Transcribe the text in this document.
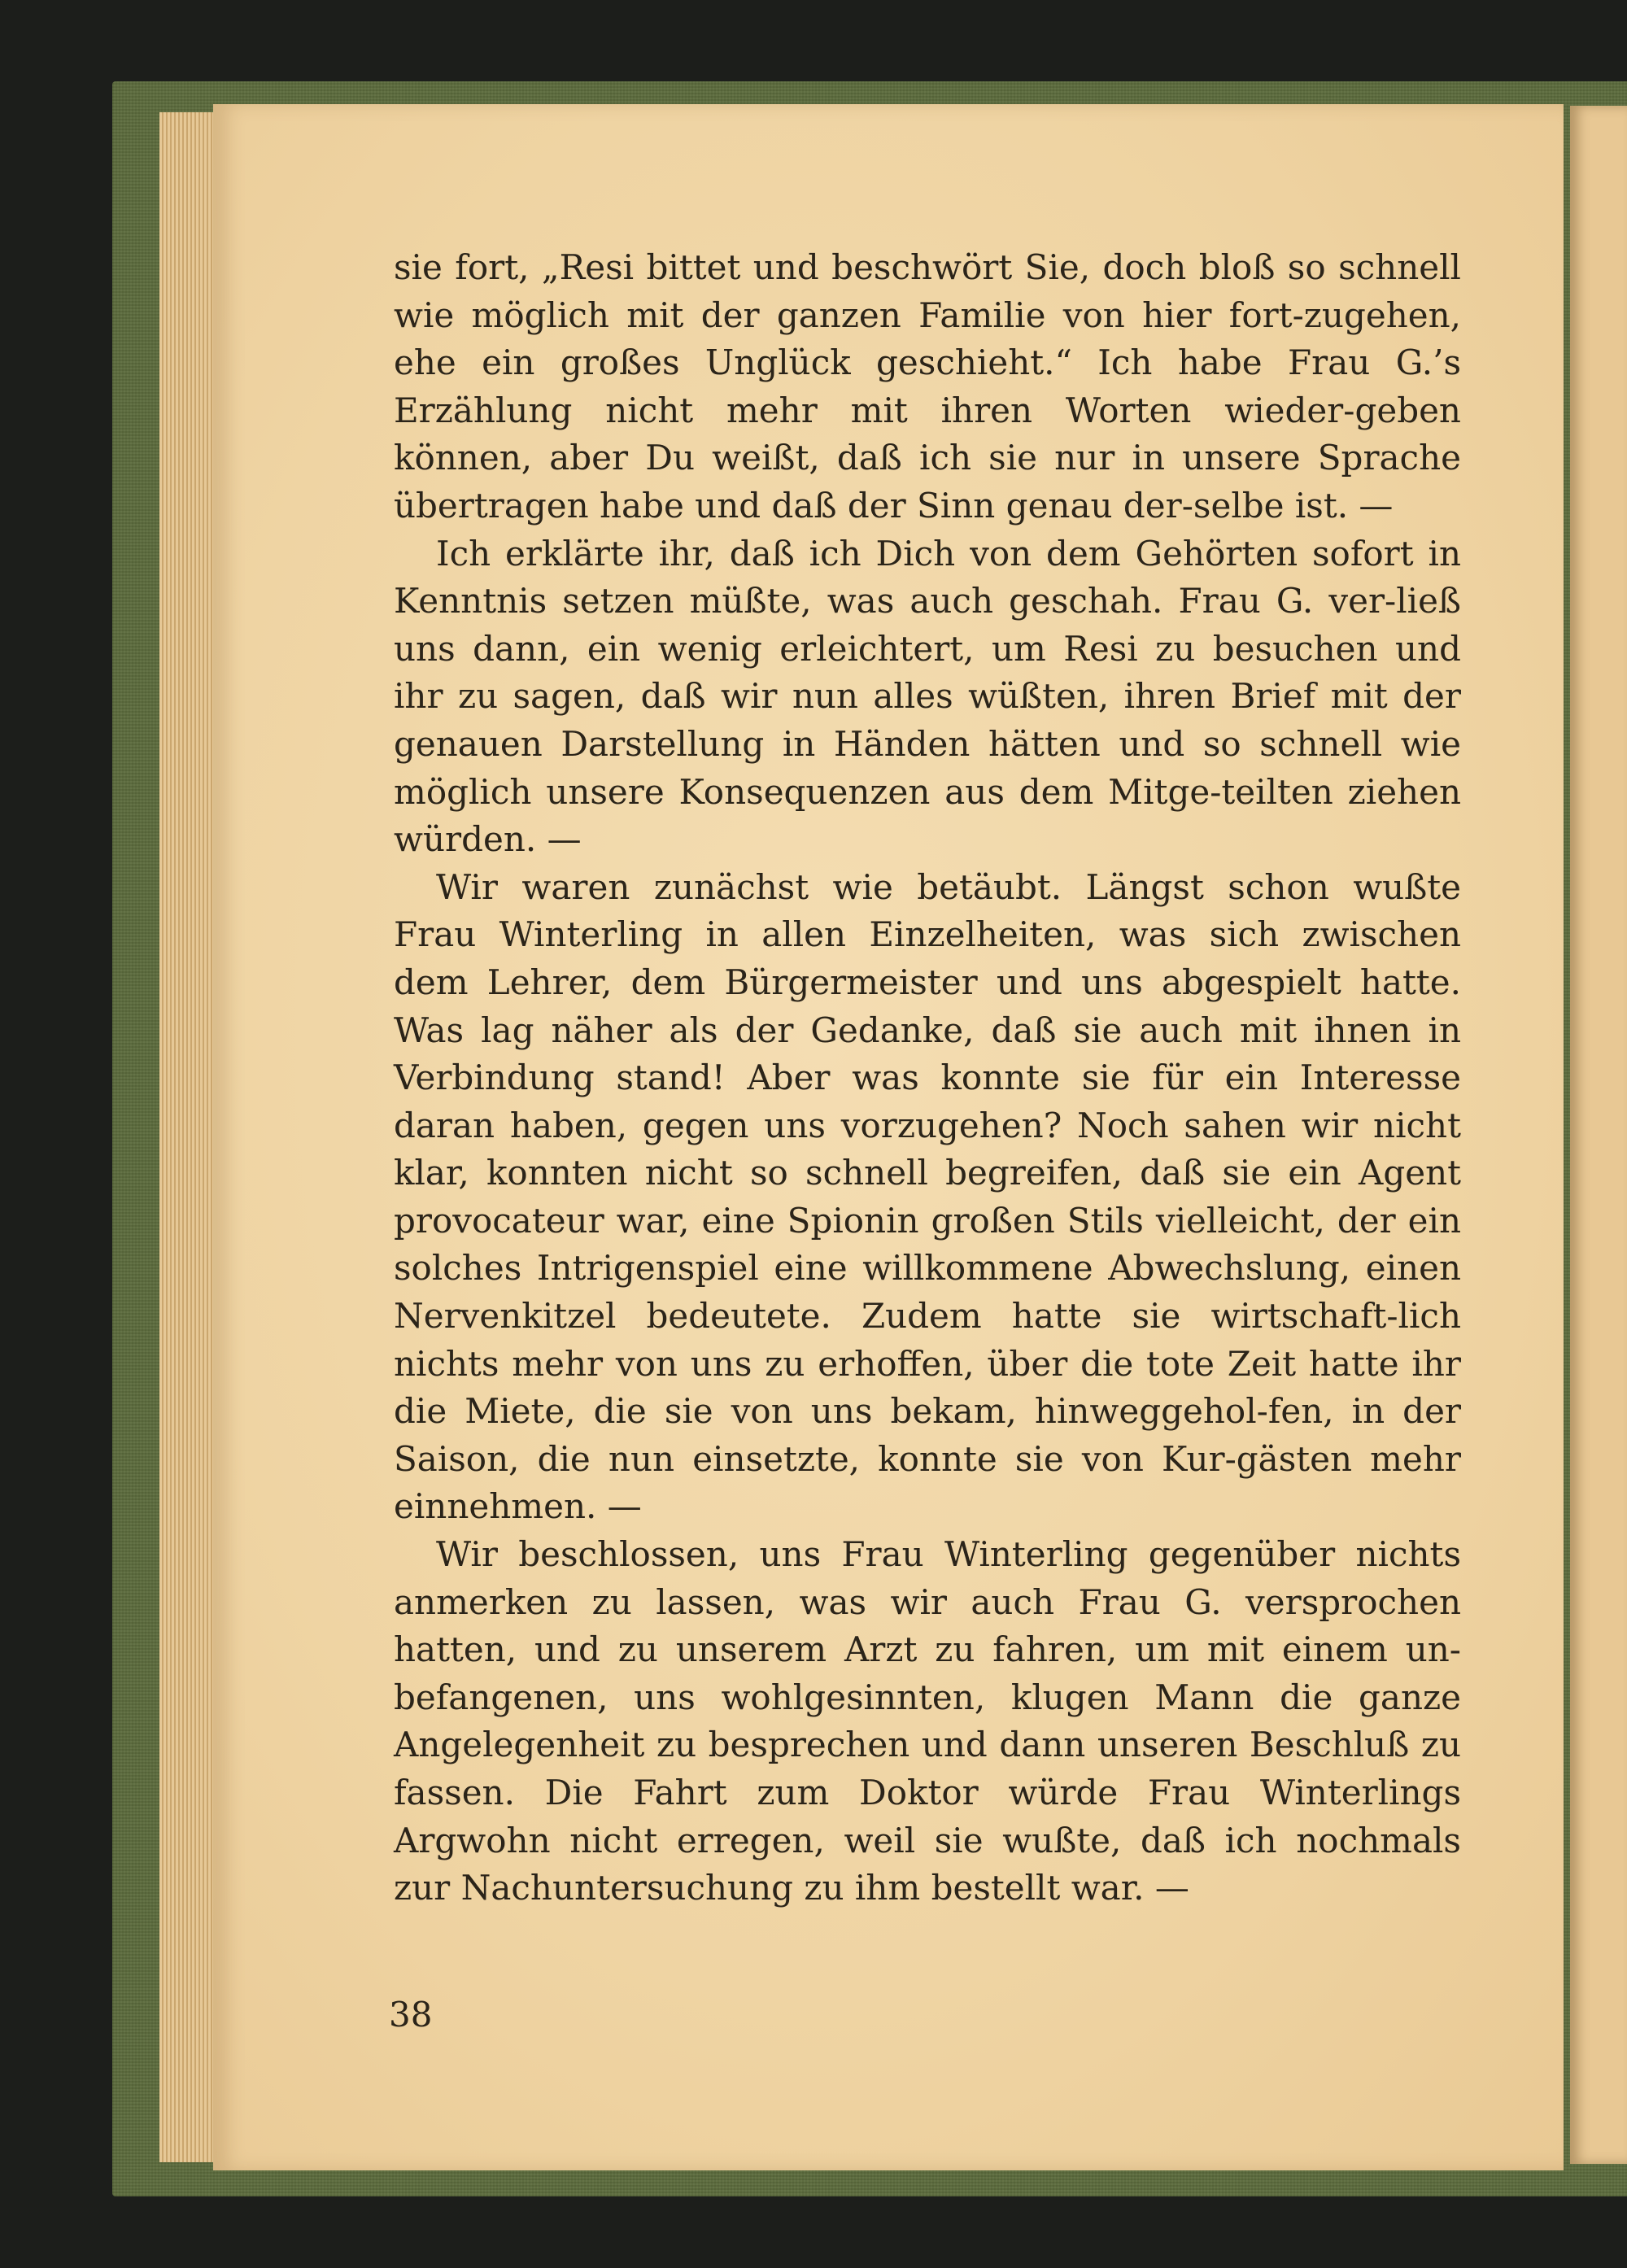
sie fort, „Resi bittet und beschwört Sie, doch bloß so schnell wie möglich mit der ganzen Familie von hier fort-zugehen, ehe ein großes Unglück geschieht.“ Ich habe Frau G.’s Erzählung nicht mehr mit ihren Worten wieder-geben können, aber Du weißt, daß ich sie nur in unsere Sprache übertragen habe und daß der Sinn genau der-selbe ist. —

Ich erklärte ihr, daß ich Dich von dem Gehörten sofort in Kenntnis setzen müßte, was auch geschah. Frau G. ver-ließ uns dann, ein wenig erleichtert, um Resi zu besuchen und ihr zu sagen, daß wir nun alles wüßten, ihren Brief mit der genauen Darstellung in Händen hätten und so schnell wie möglich unsere Konsequenzen aus dem Mitge-teilten ziehen würden. —

Wir waren zunächst wie betäubt. Längst schon wußte Frau Winterling in allen Einzelheiten, was sich zwischen dem Lehrer, dem Bürgermeister und uns abgespielt hatte. Was lag näher als der Gedanke, daß sie auch mit ihnen in Verbindung stand! Aber was konnte sie für ein Interesse daran haben, gegen uns vorzugehen? Noch sahen wir nicht klar, konnten nicht so schnell begreifen, daß sie ein Agent provocateur war, eine Spionin großen Stils vielleicht, der ein solches Intrigenspiel eine willkommene Abwechslung, einen Nervenkitzel bedeutete. Zudem hatte sie wirtschaft-lich nichts mehr von uns zu erhoffen, über die tote Zeit hatte ihr die Miete, die sie von uns bekam, hinweggehol-fen, in der Saison, die nun einsetzte, konnte sie von Kur-gästen mehr einnehmen. —

Wir beschlossen, uns Frau Winterling gegenüber nichts anmerken zu lassen, was wir auch Frau G. versprochen hatten, und zu unserem Arzt zu fahren, um mit einem un-befangenen, uns wohlgesinnten, klugen Mann die ganze Angelegenheit zu besprechen und dann unseren Beschluß zu fassen. Die Fahrt zum Doktor würde Frau Winterlings Argwohn nicht erregen, weil sie wußte, daß ich nochmals zur Nachuntersuchung zu ihm bestellt war. —

38
